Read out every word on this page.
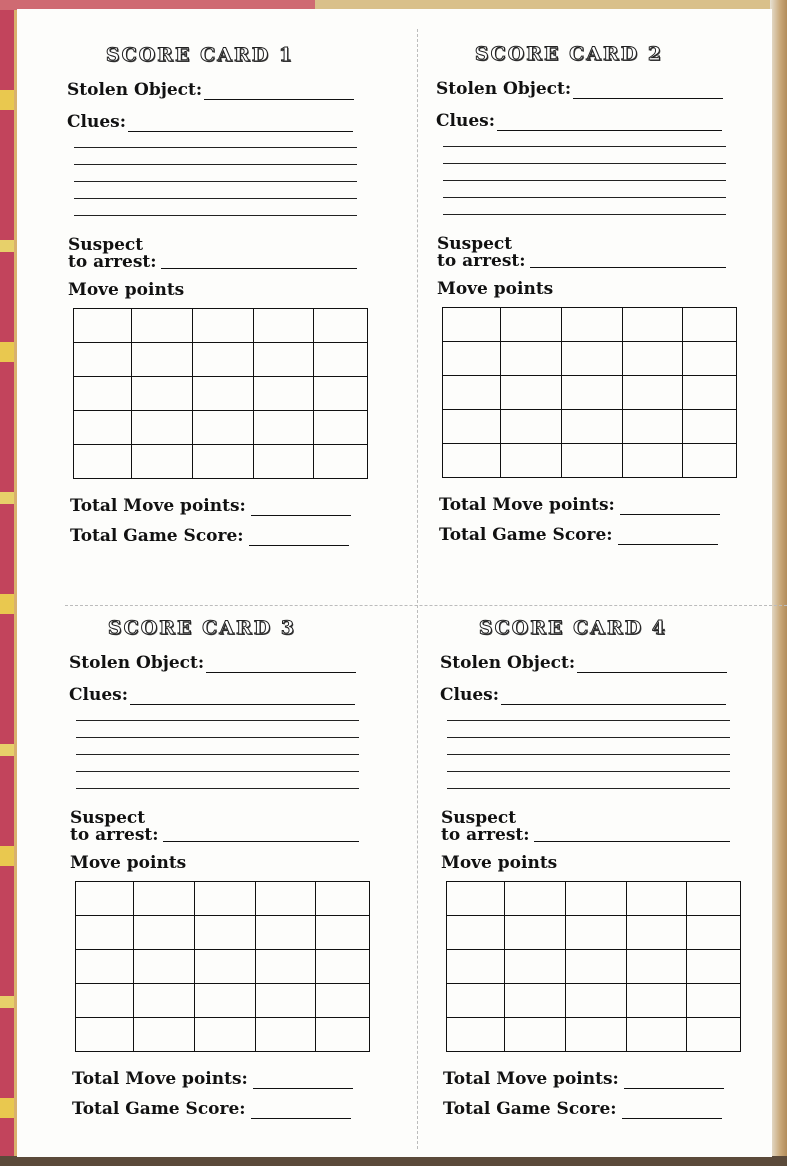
SCORE CARD 1
Stolen Object:
Clues:
Suspect
to arrest:
Move points

Total Move points:
Total Game Score:
SCORE CARD 2
Stolen Object:
Clues:
Suspect
to arrest:
Move points

Total Move points:
Total Game Score:
SCORE CARD 3
Stolen Object:
Clues:
Suspect
to arrest:
Move points

Total Move points:
Total Game Score:
SCORE CARD 4
Stolen Object:
Clues:
Suspect
to arrest:
Move points

Total Move points:
Total Game Score:
